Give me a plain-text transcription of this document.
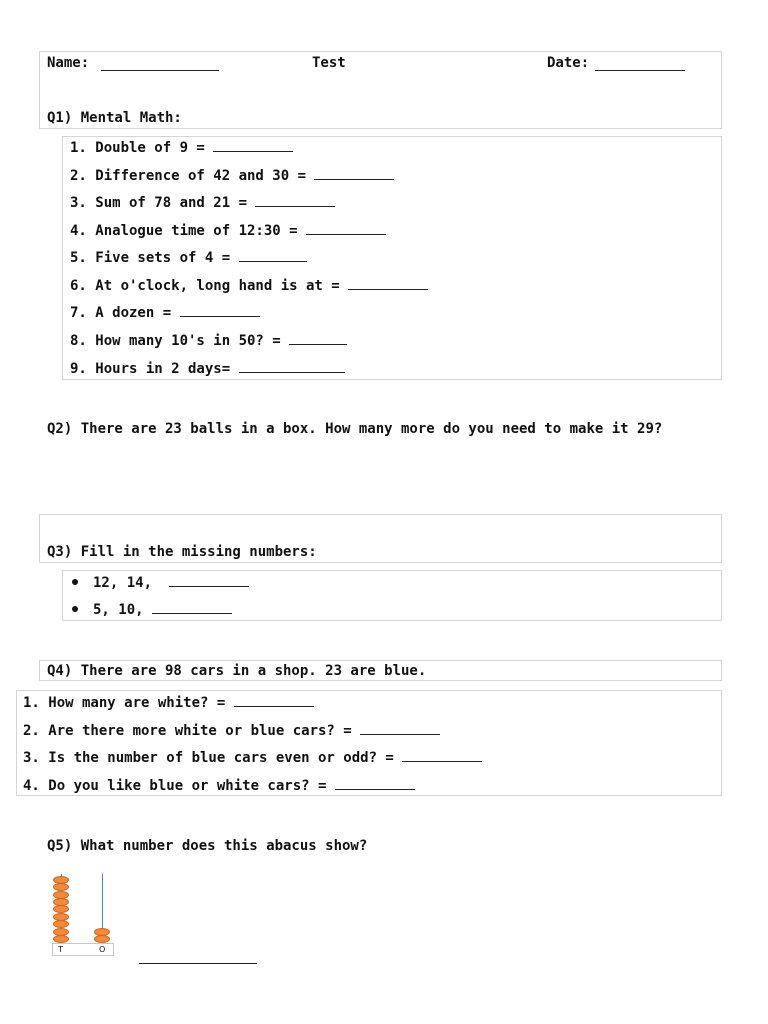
Name:	Test	Date:
Q1) Mental Math:
1. Double of 9 =
2. Difference of 42 and 30 =
3. Sum of 78 and 21 =
4. Analogue time of 12:30 =
5. Five sets of 4 =
6. At o'clock, long hand is at =
7. A dozen =
8. How many 10's in 50? =
9. Hours in 2 days=
Q2) There are 23 balls in a box. How many more do you need to make it 29?
Q3) Fill in the missing numbers:
12, 14,
5, 10,
Q4) There are 98 cars in a shop. 23 are blue.
1. How many are white? =
2. Are there more white or blue cars? =
3. Is the number of blue cars even or odd? =
4. Do you like blue or white cars? =
Q5) What number does this abacus show?
T	O
